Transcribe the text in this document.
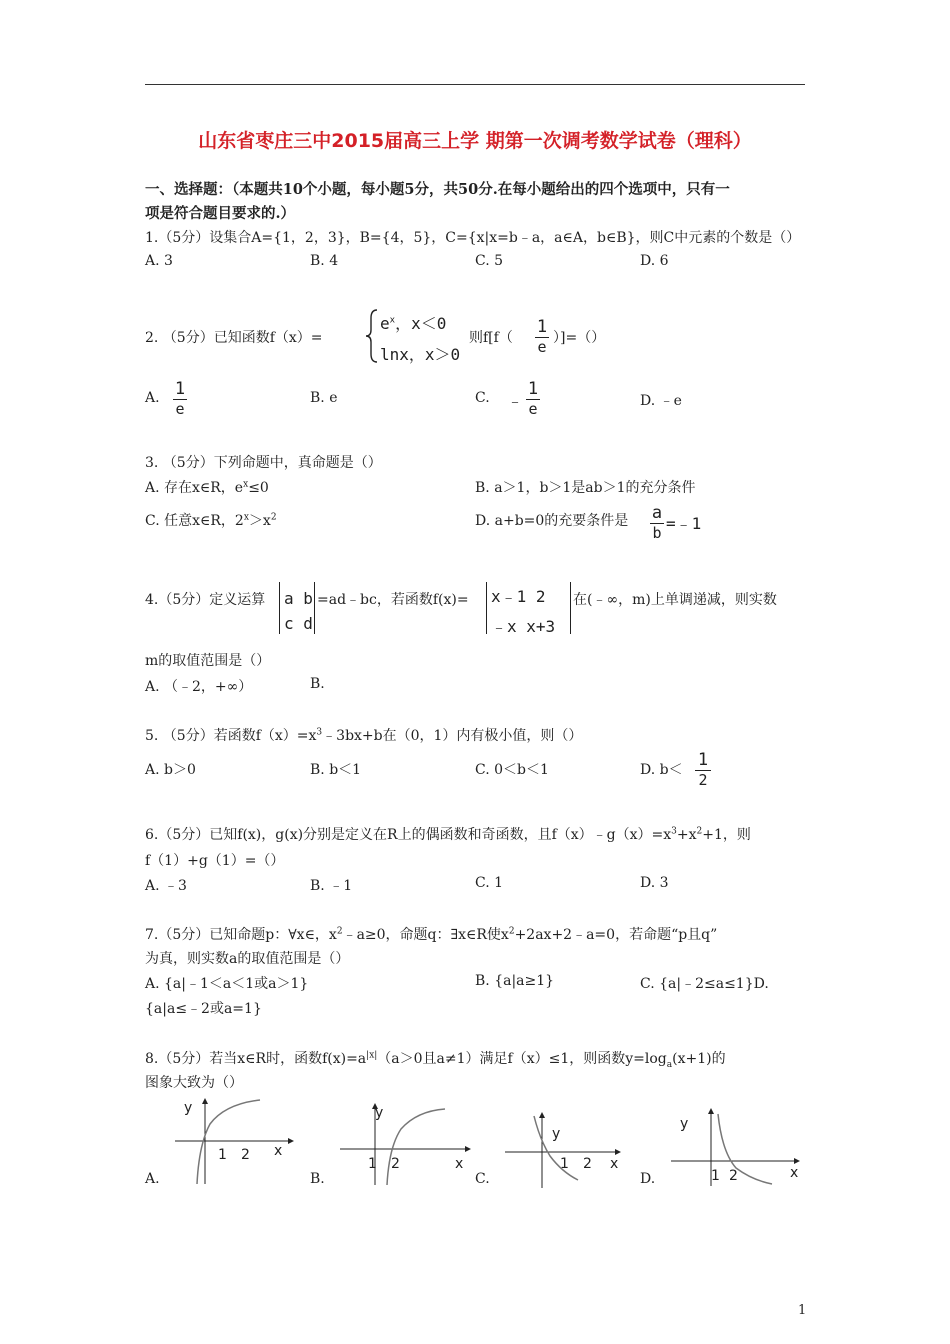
山东省枣庄三中2015届高三上学 期第一次调考数学试卷（理科）
一、选择题：（本题共10个小题，每小题5分，共50分.在每小题给出的四个选项中，只有一
项是符合题目要求的.）
1.（5分）设集合A={1，2，3}，B={4，5}，C={x|x=b﹣a，a∈A，b∈B}，则C中元素的个数是（）
A. 3	B. 4	C. 5	D. 6
2. （5分）已知函数f（x）=
$e^x$，x＜0
lnx，x＞0
则f[f（
1
e ）]=（）
A. 1
e
B. e	C. ﹣
1
e	D. ﹣e
3. （5分）下列命题中，真命题是（）
A. 存在x∈R，$e^x\le 0$	B. a＞1，b＞1是ab＞1的充分条件
C. 任意x∈R，$2^x>x^2$	D. a+b=0的充要条件是 a
b =﹣1
4.（5分）定义运算 a b
c d
=ad﹣bc，若函数f(x)= x﹣1 2
﹣x x+3
在(﹣∞，m)上单调递减，则实数
m的取值范围是（）
A. （﹣2，+∞）	B.
5. （5分）若函数$f(x)=x^3﹣3bx+b$在（0，1）内有极小值，则（）
A. b＞0	B. b＜1	C. 0＜b＜1	D. b＜ 1
2
6.（5分）已知f(x)，g(x)分别是定义在R上的偶函数和奇函数，且$f(x)﹣g(x)=x^3+x^2+1$，则
f（1）+g（1）=（）
A. ﹣3	B. ﹣1	C. 1	D. 3
7.（5分）已知命题p：∀x∈，$x^2﹣a\ge 0$，命题q：∃x∈R使$x^2+2ax+2﹣a=0$，若命题“p且q”
为真，则实数a的取值范围是（）
A. {a|﹣1＜a＜1或a＞1}	B. {a|a≥1}	C. {a|﹣2≤a≤1}D.
{a|a≤﹣2或a=1}
8.（5分）若当x∈R时，函数$f(x)=a^{|x|}(a>0$且a≠1）满足f（x）≤1，则函数$y=\log_a(x+1)$的
图象大致为（）
y
1 2 x
A.
y
1 2	x
B.
y
1 2 x
C.
y
1 2	x
D.
1
